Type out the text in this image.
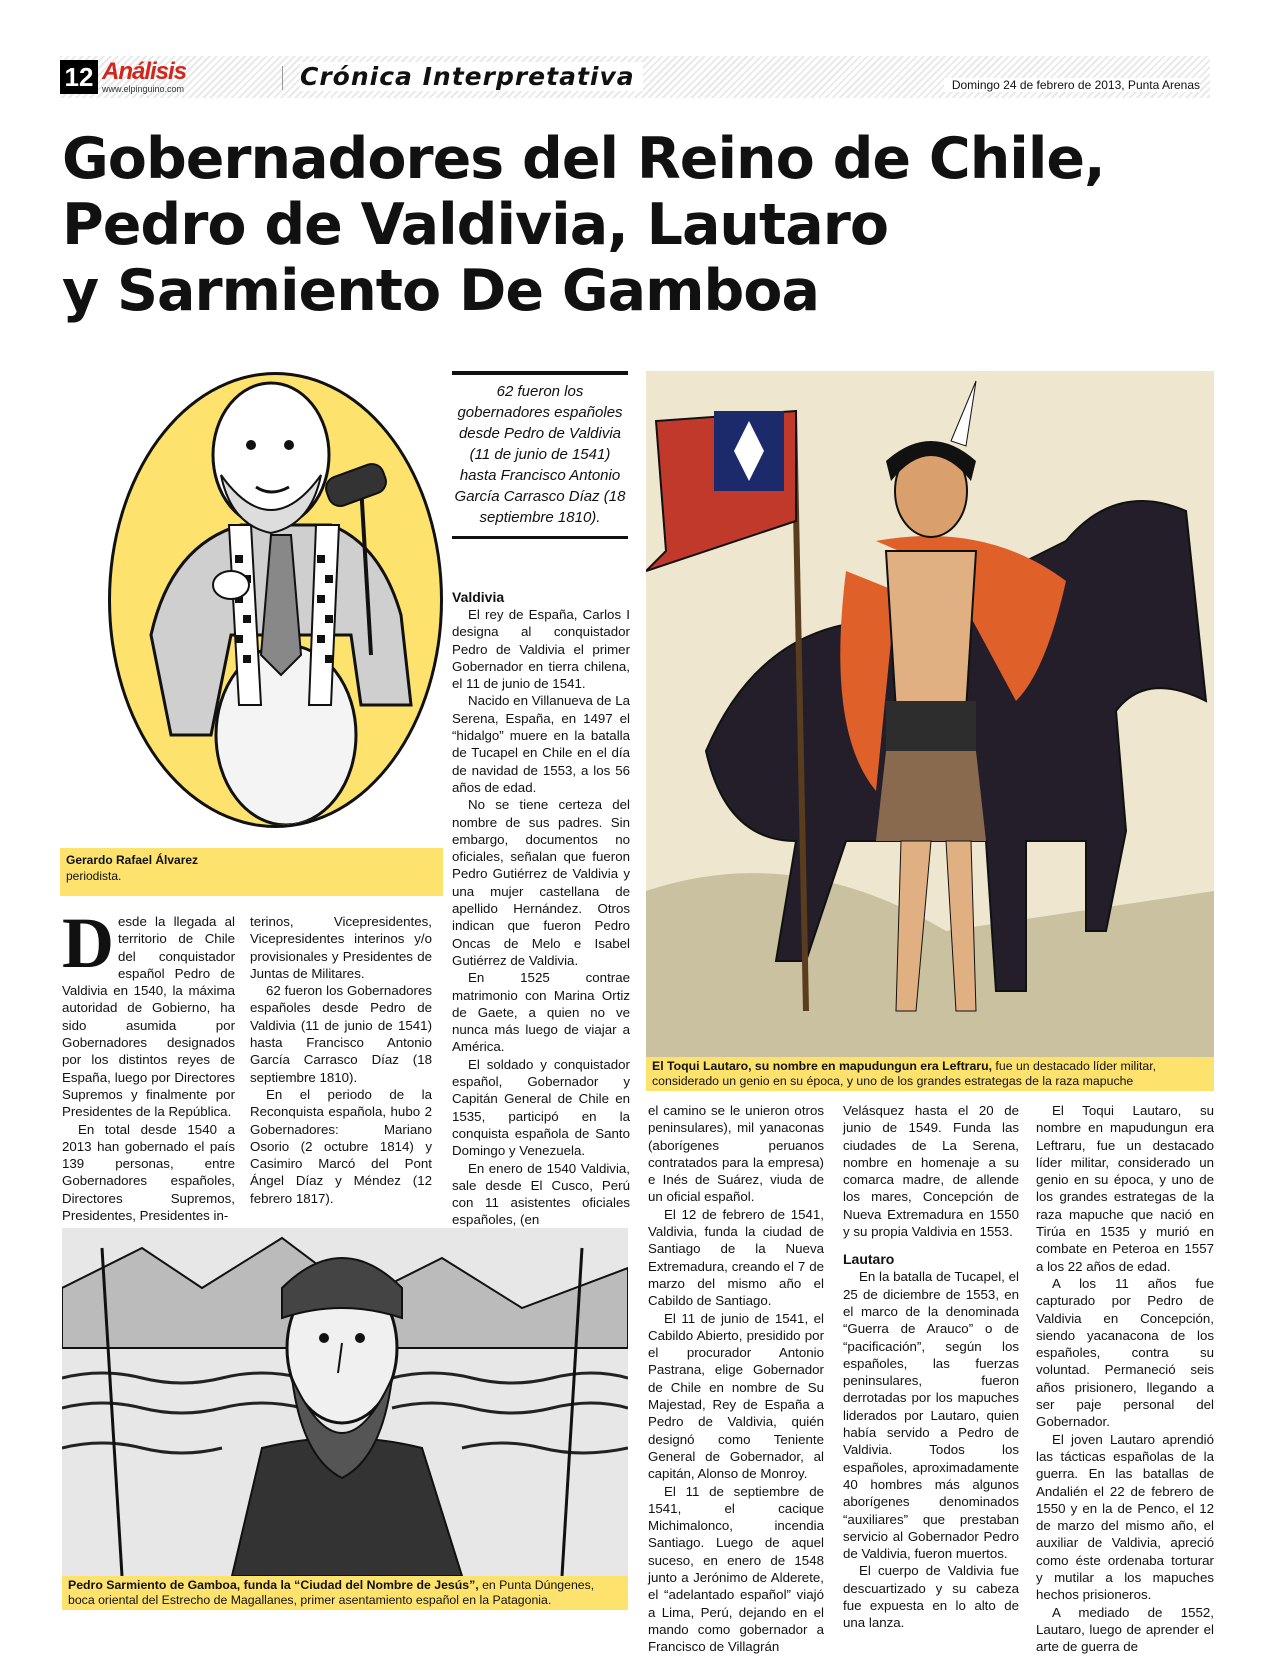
12 Análisis
www.elpinguino.com	Crónica Interpretativa	Domingo 24 de febrero de 2013, Punta Arenas
Gobernadores del Reino de Chile,
Pedro de Valdivia, Lautaro
y Sarmiento De Gamboa
Gerardo Rafael Álvarez
periodista.
62 fueron los gobernadores españoles desde Pedro de Valdivia (11 de junio de 1541) hasta Francisco Antonio García Carrasco Díaz (18 septiembre 1810).
D esde la llegada al territorio de Chile del conquistador español Pedro de Valdivia en 1540, la máxima autoridad de Gobierno, ha sido asumida por Gobernadores designados por los distintos reyes de España, luego por Directores Supremos y finalmente por Presidentes de la República.

En total desde 1540 a 2013 han gobernado el país 139 personas, entre Gobernadores españoles, Directores Supremos, Presidentes, Presidentes in-

terinos, Vicepresidentes, Vicepresidentes interinos y/o provisionales y Presidentes de Juntas de Militares.

62 fueron los Gobernadores españoles desde Pedro de Valdivia (11 de junio de 1541) hasta Francisco Antonio García Carrasco Díaz (18 septiembre 1810).

En el periodo de la Reconquista española, hubo 2 Gobernadores: Mariano Osorio (2 octubre 1814) y Casimiro Marcó del Pont Ángel Díaz y Méndez (12 febrero 1817).

Valdivia

El rey de España, Carlos I designa al conquistador Pedro de Valdivia el primer Gobernador en tierra chilena, el 11 de junio de 1541.

Nacido en Villanueva de La Serena, España, en 1497 el “hidalgo” muere en la batalla de Tucapel en Chile en el día de navidad de 1553, a los 56 años de edad.

No se tiene certeza del nombre de sus padres. Sin embargo, documentos no oficiales, señalan que fueron Pedro Gutiérrez de Valdivia y una mujer castellana de apellido Hernández. Otros indican que fueron Pedro Oncas de Melo e Isabel Gutiérrez de Valdivia.

En 1525 contrae matrimonio con Marina Ortiz de Gaete, a quien no ve nunca más luego de viajar a América.

El soldado y conquistador español, Gobernador y Capitán General de Chile en 1535, participó en la conquista española de Santo Domingo y Venezuela.

En enero de 1540 Valdivia, sale desde El Cusco, Perú con 11 asistentes oficiales españoles, (en

El Toqui Lautaro, su nombre en mapudungun era Leftraru, fue un destacado líder militar, considerado un genio en su época, y uno de los grandes estrategas de la raza mapuche

el camino se le unieron otros peninsulares), mil yanaconas (aborígenes peruanos contratados para la empresa) e Inés de Suárez, viuda de un oficial español.

El 12 de febrero de 1541, Valdivia, funda la ciudad de Santiago de la Nueva Extremadura, creando el 7 de marzo del mismo año el Cabildo de Santiago.

El 11 de junio de 1541, el Cabildo Abierto, presidido por el procurador Antonio Pastrana, elige Gobernador de Chile en nombre de Su Majestad, Rey de España a Pedro de Valdivia, quién designó como Teniente General de Gobernador, al capitán, Alonso de Monroy.

El 11 de septiembre de 1541, el cacique Michimalonco, incendia Santiago. Luego de aquel suceso, en enero de 1548 junto a Jerónimo de Alderete, el “adelantado español” viajó a Lima, Perú, dejando en el mando como gobernador a Francisco de Villagrán

Velásquez hasta el 20 de junio de 1549. Funda las ciudades de La Serena, nombre en homenaje a su comarca madre, de allende los mares, Concepción de Nueva Extremadura en 1550 y su propia Valdivia en 1553.

Lautaro

En la batalla de Tucapel, el 25 de diciembre de 1553, en el marco de la denominada “Guerra de Arauco” o de “pacificación”, según los españoles, las fuerzas peninsulares, fueron derrotadas por los mapuches liderados por Lautaro, quien había servido a Pedro de Valdivia. Todos los españoles, aproximadamente 40 hombres más algunos aborígenes denominados “auxiliares” que prestaban servicio al Gobernador Pedro de Valdivia, fueron muertos.

El cuerpo de Valdivia fue descuartizado y su cabeza fue expuesta en lo alto de una lanza.

El Toqui Lautaro, su nombre en mapudungun era Leftraru, fue un destacado líder militar, considerado un genio en su época, y uno de los grandes estrategas de la raza mapuche que nació en Tirúa en 1535 y murió en combate en Peteroa en 1557 a los 22 años de edad.

A los 11 años fue capturado por Pedro de Valdivia en Concepción, siendo yacanacona de los españoles, contra su voluntad. Permaneció seis años prisionero, llegando a ser paje personal del Gobernador.

El joven Lautaro aprendió las tácticas españolas de la guerra. En las batallas de Andalién el 22 de febrero de 1550 y en la de Penco, el 12 de marzo del mismo año, el auxiliar de Valdivia, apreció como éste ordenaba torturar y mutilar a los mapuches hechos prisioneros.

A mediado de 1552, Lautaro, luego de aprender el arte de guerra de

Pedro Sarmiento de Gamboa, funda la “Ciudad del Nombre de Jesús”, en Punta Dúngenes, boca oriental del Estrecho de Magallanes, primer asentamiento español en la Patagonia.
